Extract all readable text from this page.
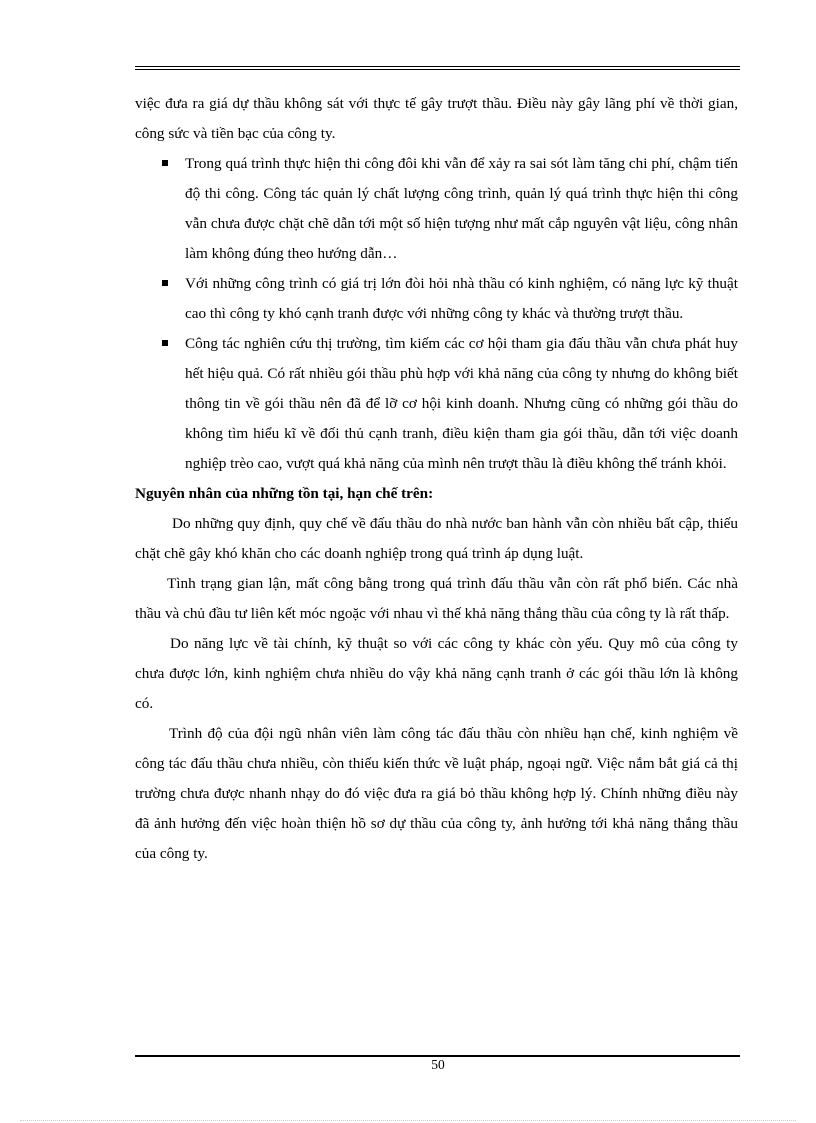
việc đưa ra giá dự thầu không sát với thực tế gây trượt thầu. Điều này gây lãng phí về thời gian, công sức và tiền bạc của công ty.

Trong quá trình thực hiện thi công đôi khi vẫn để xảy ra sai sót làm tăng chi phí, chậm tiến độ thi công. Công tác quản lý chất lượng công trình, quản lý quá trình thực hiện thi công vẫn chưa được chặt chẽ dẫn tới một số hiện tượng như mất cắp nguyên vật liệu, công nhân làm không đúng theo hướng dẫn…
Với những công trình có giá trị lớn đòi hỏi nhà thầu có kinh nghiệm, có năng lực kỹ thuật cao thì công ty khó cạnh tranh được với những công ty khác và thường trượt thầu.
Công tác nghiên cứu thị trường, tìm kiếm các cơ hội tham gia đấu thầu vẫn chưa phát huy hết hiệu quả. Có rất nhiều gói thầu phù hợp với khả năng của công ty nhưng do không biết thông tin về gói thầu nên đã để lỡ cơ hội kinh doanh. Nhưng cũng có những gói thầu do không tìm hiểu kĩ về đối thủ cạnh tranh, điều kiện tham gia gói thầu, dẫn tới việc doanh nghiệp trèo cao, vượt quá khả năng của mình nên trượt thầu là điều không thể tránh khỏi.

Nguyên nhân của những tồn tại, hạn chế trên:

Do những quy định, quy chế về đấu thầu do nhà nước ban hành vẫn còn nhiều bất cập, thiếu chặt chẽ gây khó khăn cho các doanh nghiệp trong quá trình áp dụng luật.

Tình trạng gian lận, mất công bằng trong quá trình đấu thầu vẫn còn rất phổ biến. Các nhà thầu và chủ đầu tư liên kết móc ngoặc với nhau vì thế khả năng thắng thầu của công ty là rất thấp.

Do năng lực về tài chính, kỹ thuật so với các công ty khác còn yếu. Quy mô của công ty chưa được lớn, kinh nghiệm chưa nhiều do vậy khả năng cạnh tranh ở các gói thầu lớn là không có.

Trình độ của đội ngũ nhân viên làm công tác đấu thầu còn nhiều hạn chế, kinh nghiệm về công tác đấu thầu chưa nhiều, còn thiếu kiến thức về luật pháp, ngoại ngữ. Việc nắm bắt giá cả thị trường chưa được nhanh nhạy do đó việc đưa ra giá bỏ thầu không hợp lý. Chính những điều này đã ảnh hưởng đến việc hoàn thiện hồ sơ dự thầu của công ty, ảnh hưởng tới khả năng thắng thầu của công ty.

50
